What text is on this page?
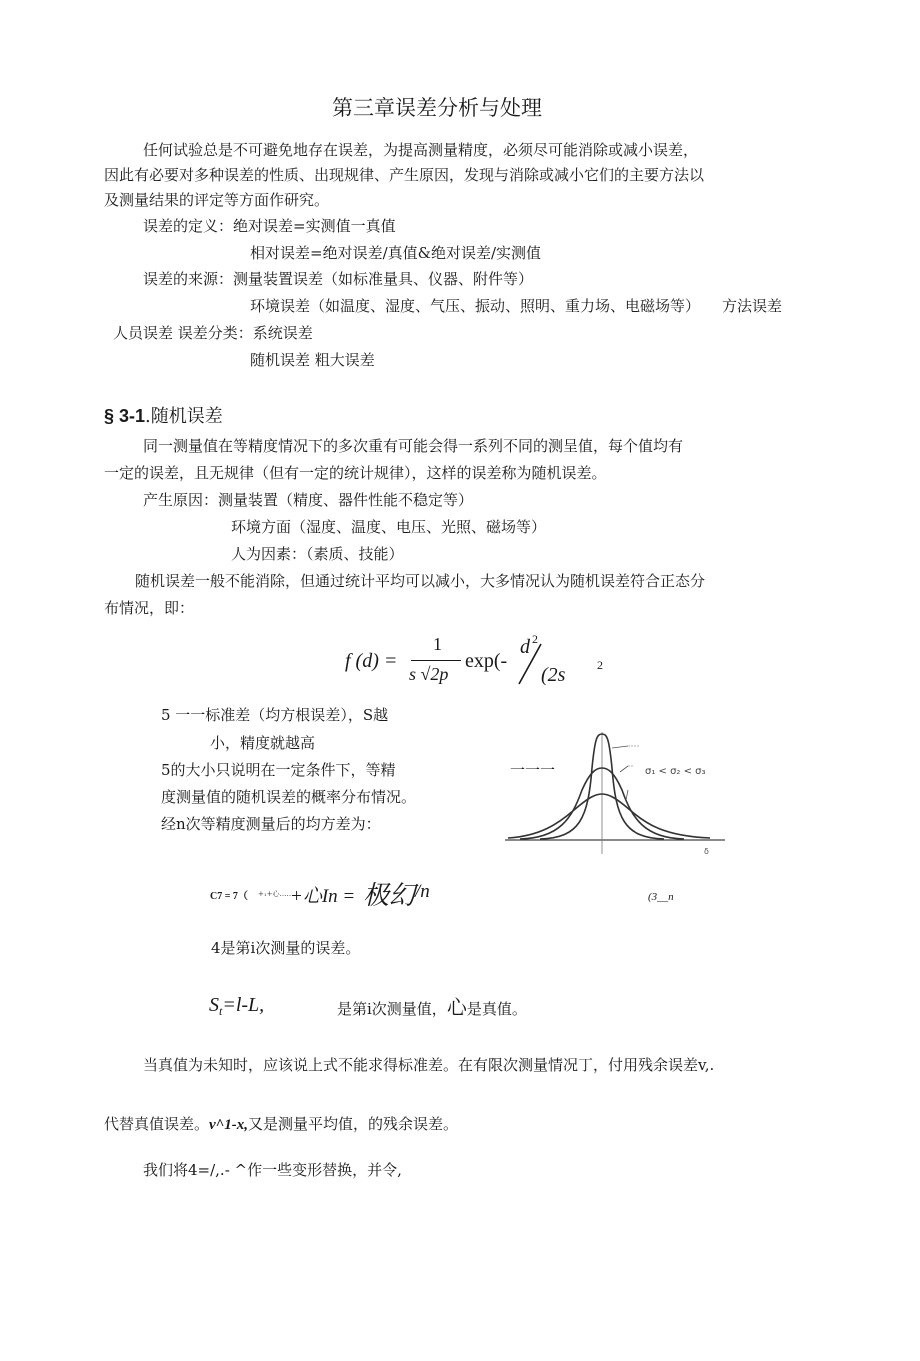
第三章误差分析与处理
任何试验总是不可避免地存在误差，为提高测量精度，必须尽可能消除或减小误差，
因此有必要对多种误差的性质、出现规律、产生原因，发现与消除或减小它们的主要方法以
及测量结果的评定等方面作研究。
误差的定义：绝对误差=实测值一真值
相对误差=绝对误差/真值&绝对误差/实测值
误差的来源：测量装置误差（如标准量具、仪器、附件等）
环境误差（如温度、湿度、气压、振动、照明、重力场、电磁场等） 方法误差
人员误差 误差分类：系统误差
随机误差 粗大误差
§ 3-1.随机误差
同一测量值在等精度情况下的多次重有可能会得一系列不同的测呈值，每个值均有
一定的误差，且无规律（但有一定的统计规律），这样的误差称为随机误差。
产生原因：测量装置（精度、器件性能不稳定等）
环境方面（湿度、温度、电压、光照、磁场等）
人为因素：（素质、技能）
随机误差一般不能消除，但通过统计平均可以减小，大多情况认为随机误差符合正态分
布情况，即：
f (d) =
1
s √2p
exp(-
d 2
(2s	2
5 一一标准差（均方根误差），S越
小，精度就越高
5的大小只说明在一定条件下，等精
度测量值的随机误差的概率分布情况。
经n次等精度测量后的均方差为：
一一一
δ
σ₁ < σ₂ < σ₃
C7 = 7（ +₁+心……
+心In = 极幻 /n	(3__n
4是第i次测量的误差。
$S_t=l-L$,	是第i次测量值，心是真值。
当真值为未知时，应该说上式不能求得标准差。在有限次测量情况丁，付用残余误差v,.
代替真值误差。v^1-x,又是测量平均值，的残余误差。
我们将4=/,.- ^作一些变形替换，并令,
